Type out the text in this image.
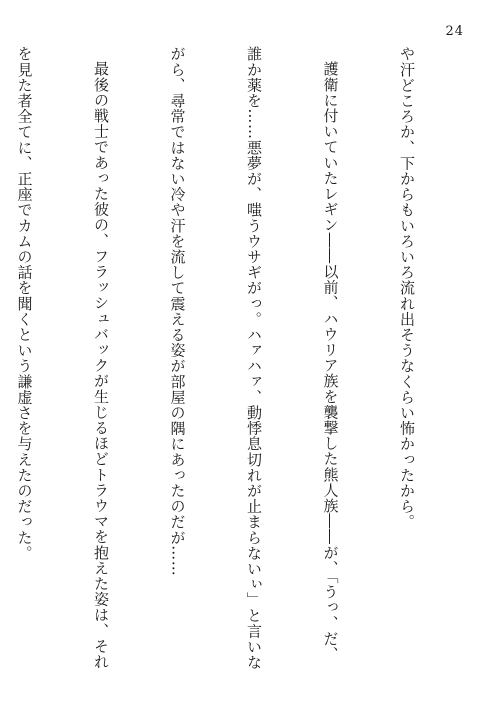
24

や汗どころか、下からもいろいろ流れ出そうなくらい怖かったから。

護衛に付いていたレギン――以前、ハウリア族を襲撃した熊人族――が、「うっ、だ、

誰か薬を……悪夢が、嗤うウサギがっ。ハァハァ、動悸息切れが止まらないぃ」と言いな

がら、尋常ではない冷や汗を流して震える姿が部屋の隅にあったのだが……

最後の戦士であった彼の、フラッシュバックが生じるほどトラウマを抱えた姿は、それ

を見た者全てに、正座でカムの話を聞くという謙虚さを与えたのだった。
